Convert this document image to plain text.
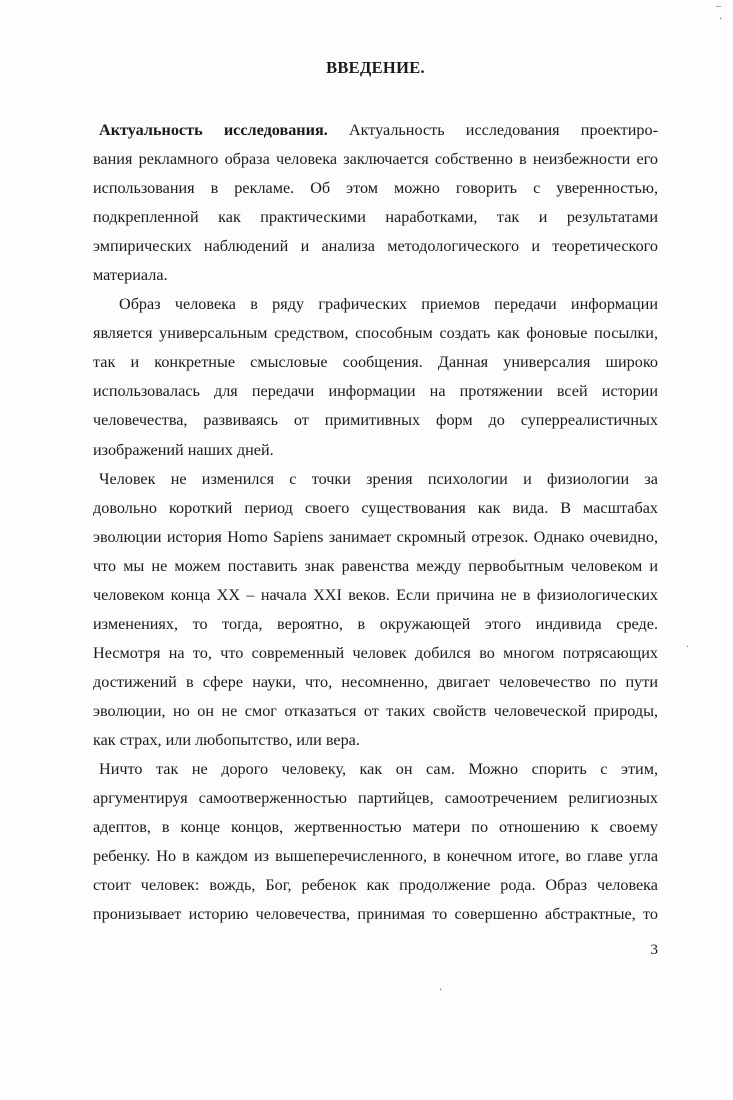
ВВЕДЕНИЕ.
Актуальность исследования. Актуальность исследования проектиро-
вания рекламного образа человека заключается собственно в неизбежности его
использования в рекламе. Об этом можно говорить с уверенностью,
подкрепленной как практическими наработками, так и результатами
эмпирических наблюдений и анализа методологического и теоретического
материала.
Образ человека в ряду графических приемов передачи информации
является универсальным средством, способным создать как фоновые посылки,
так и конкретные смысловые сообщения. Данная универсалия широко
использовалась для передачи информации на протяжении всей истории
человечества, развиваясь от примитивных форм до суперреалистичных
изображений наших дней.
Человек не изменился с точки зрения психологии и физиологии за
довольно короткий период своего существования как вида. В масштабах
эволюции история Homo Sapiens занимает скромный отрезок. Однако очевидно,
что мы не можем поставить знак равенства между первобытным человеком и
человеком конца XX – начала XXI веков. Если причина не в физиологических
изменениях, то тогда, вероятно, в окружающей этого индивида среде.
Несмотря на то, что современный человек добился во многом потрясающих
достижений в сфере науки, что, несомненно, двигает человечество по пути
эволюции, но он не смог отказаться от таких свойств человеческой природы,
как страх, или любопытство, или вера.
Ничто так не дорого человеку, как он сам. Можно спорить с этим,
аргументируя самоотверженностью партийцев, самоотречением религиозных
адептов, в конце концов, жертвенностью матери по отношению к своему
ребенку. Но в каждом из вышеперечисленного, в конечном итоге, во главе угла
стоит человек: вождь, Бог, ребенок как продолжение рода. Образ человека
пронизывает историю человечества, принимая то совершенно абстрактные, то
3
¯
·
·
·
